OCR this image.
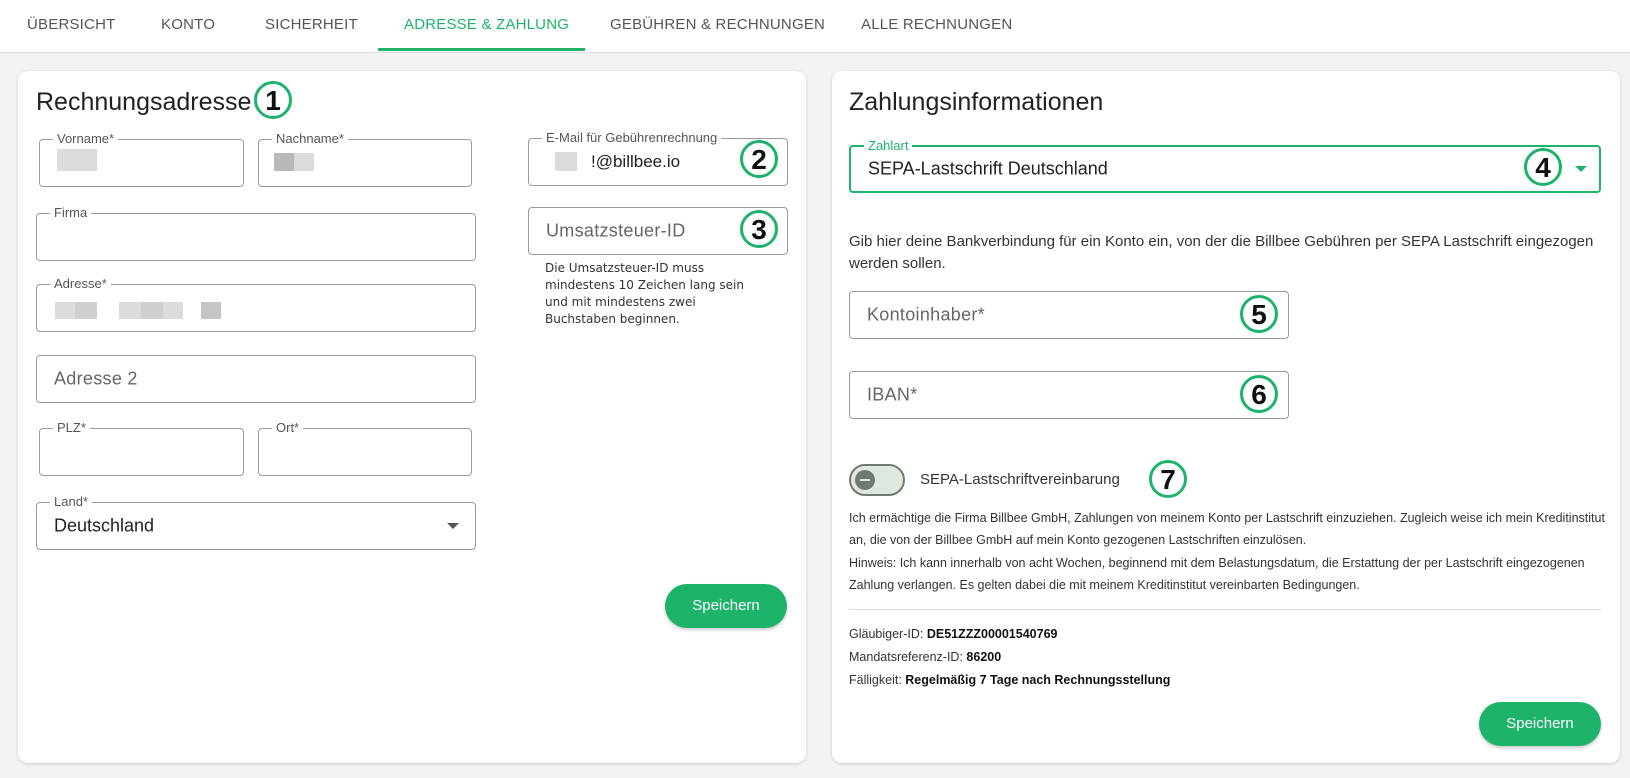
ÜBERSICHT	KONTO	SICHERHEIT	ADRESSE & ZAHLUNG	GEBÜHREN & RECHNUNGEN ALLE RECHNUNGEN
Rechnungsadresse 1
Vorname*	Nachname*
Firma
Adresse*
Adresse 2
PLZ*	Ort*
Land*
Deutschland
E-Mail für Gebührenrechnung
!@billbee.io	2
Umsatzsteuer-ID	3
Die Umsatzsteuer-ID muss mindestens 10 Zeichen lang sein und mit mindestens zwei Buchstaben beginnen.
Speichern
Zahlungsinformationen
Zahlart
SEPA-Lastschrift Deutschland	4
Gib hier deine Bankverbindung für ein Konto ein, von der die Billbee Gebühren per SEPA Lastschrift eingezogen werden sollen.
Kontoinhaber*	5
IBAN*	6
SEPA-Lastschriftvereinbarung	7
Ich ermächtige die Firma Billbee GmbH, Zahlungen von meinem Konto per Lastschrift einzuziehen. Zugleich weise ich mein Kreditinstitut an, die von der Billbee GmbH auf mein Konto gezogenen Lastschriften einzulösen.
Hinweis: Ich kann innerhalb von acht Wochen, beginnend mit dem Belastungsdatum, die Erstattung der per Lastschrift eingezogenen Zahlung verlangen. Es gelten dabei die mit meinem Kreditinstitut vereinbarten Bedingungen.
Gläubiger-ID: DE51ZZZ00001540769
Mandatsreferenz-ID: 86200
Fälligkeit: Regelmäßig 7 Tage nach Rechnungsstellung
Speichern
